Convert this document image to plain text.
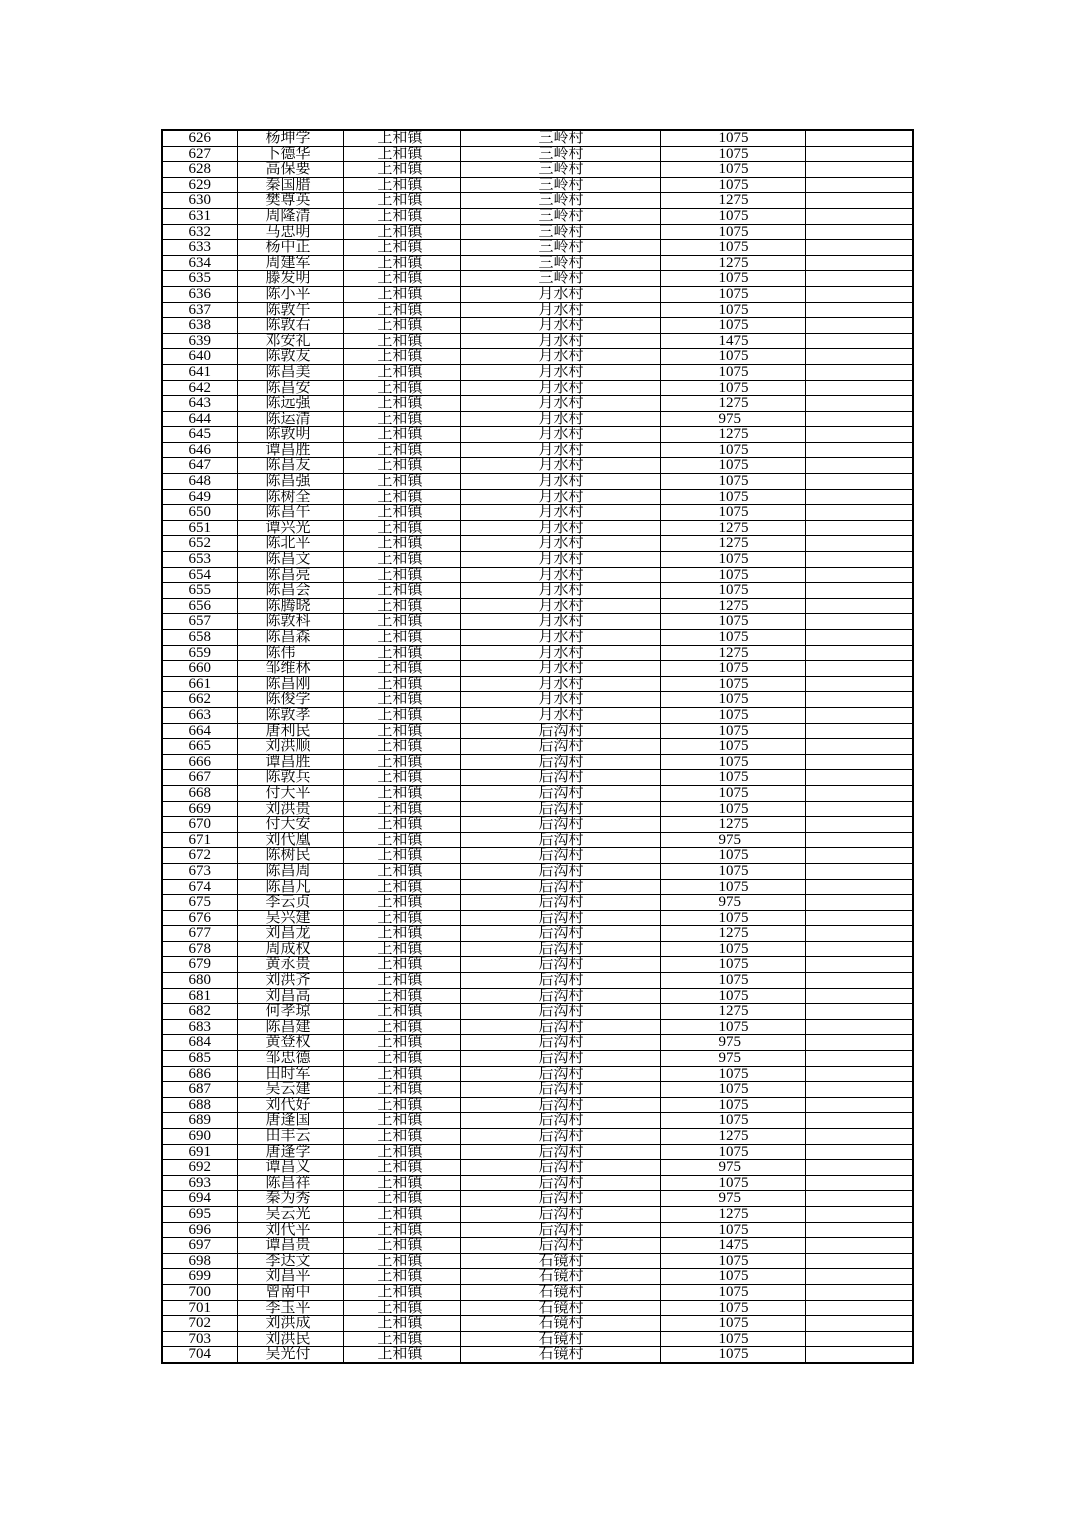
626	杨坤学	上和镇	三岭村	1075	
627	卜德华	上和镇	三岭村	1075	
628	高保要	上和镇	三岭村	1075	
629	秦国腊	上和镇	三岭村	1075	
630	樊尊英	上和镇	三岭村	1275	
631	周隆清	上和镇	三岭村	1075	
632	马忠明	上和镇	三岭村	1075	
633	杨中正	上和镇	三岭村	1075	
634	周建军	上和镇	三岭村	1275	
635	滕发明	上和镇	三岭村	1075	
636	陈小平	上和镇	月水村	1075	
637	陈敦午	上和镇	月水村	1075	
638	陈敦右	上和镇	月水村	1075	
639	邓安礼	上和镇	月水村	1475	
640	陈敦友	上和镇	月水村	1075	
641	陈昌美	上和镇	月水村	1075	
642	陈昌安	上和镇	月水村	1075	
643	陈远强	上和镇	月水村	1275	
644	陈运清	上和镇	月水村	975	
645	陈敦明	上和镇	月水村	1275	
646	谭昌胜	上和镇	月水村	1075	
647	陈昌友	上和镇	月水村	1075	
648	陈昌强	上和镇	月水村	1075	
649	陈树全	上和镇	月水村	1075	
650	陈昌午	上和镇	月水村	1075	
651	谭兴光	上和镇	月水村	1275	
652	陈北平	上和镇	月水村	1275	
653	陈昌文	上和镇	月水村	1075	
654	陈昌亮	上和镇	月水村	1075	
655	陈昌会	上和镇	月水村	1075	
656	陈腾晓	上和镇	月水村	1275	
657	陈敦科	上和镇	月水村	1075	
658	陈昌森	上和镇	月水村	1075	
659	陈伟	上和镇	月水村	1275	
660	邹维林	上和镇	月水村	1075	
661	陈昌刚	上和镇	月水村	1075	
662	陈俊学	上和镇	月水村	1075	
663	陈敦孝	上和镇	月水村	1075	
664	唐利民	上和镇	后沟村	1075	
665	刘洪顺	上和镇	后沟村	1075	
666	谭昌胜	上和镇	后沟村	1075	
667	陈敦兵	上和镇	后沟村	1075	
668	付大平	上和镇	后沟村	1075	
669	刘洪贵	上和镇	后沟村	1075	
670	付大安	上和镇	后沟村	1275	
671	刘代凰	上和镇	后沟村	975	
672	陈树民	上和镇	后沟村	1075	
673	陈昌周	上和镇	后沟村	1075	
674	陈昌凡	上和镇	后沟村	1075	
675	李云贞	上和镇	后沟村	975	
676	吴兴建	上和镇	后沟村	1075	
677	刘昌龙	上和镇	后沟村	1275	
678	周成权	上和镇	后沟村	1075	
679	黄永贵	上和镇	后沟村	1075	
680	刘洪齐	上和镇	后沟村	1075	
681	刘昌高	上和镇	后沟村	1075	
682	何孝琼	上和镇	后沟村	1275	
683	陈昌建	上和镇	后沟村	1075	
684	黄登权	上和镇	后沟村	975	
685	邹忠德	上和镇	后沟村	975	
686	田时军	上和镇	后沟村	1075	
687	吴云建	上和镇	后沟村	1075	
688	刘代好	上和镇	后沟村	1075	
689	唐逢国	上和镇	后沟村	1075	
690	田丰云	上和镇	后沟村	1275	
691	唐逢学	上和镇	后沟村	1075	
692	谭昌义	上和镇	后沟村	975	
693	陈昌祥	上和镇	后沟村	1075	
694	秦为秀	上和镇	后沟村	975	
695	吴云光	上和镇	后沟村	1275	
696	刘代平	上和镇	后沟村	1075	
697	谭昌贵	上和镇	后沟村	1475	
698	李达文	上和镇	石镜村	1075	
699	刘昌平	上和镇	石镜村	1075	
700	曾南中	上和镇	石镜村	1075	
701	李玉平	上和镇	石镜村	1075	
702	刘洪成	上和镇	石镜村	1075	
703	刘洪民	上和镇	石镜村	1075	
704	吴光付	上和镇	石镜村	1075	
